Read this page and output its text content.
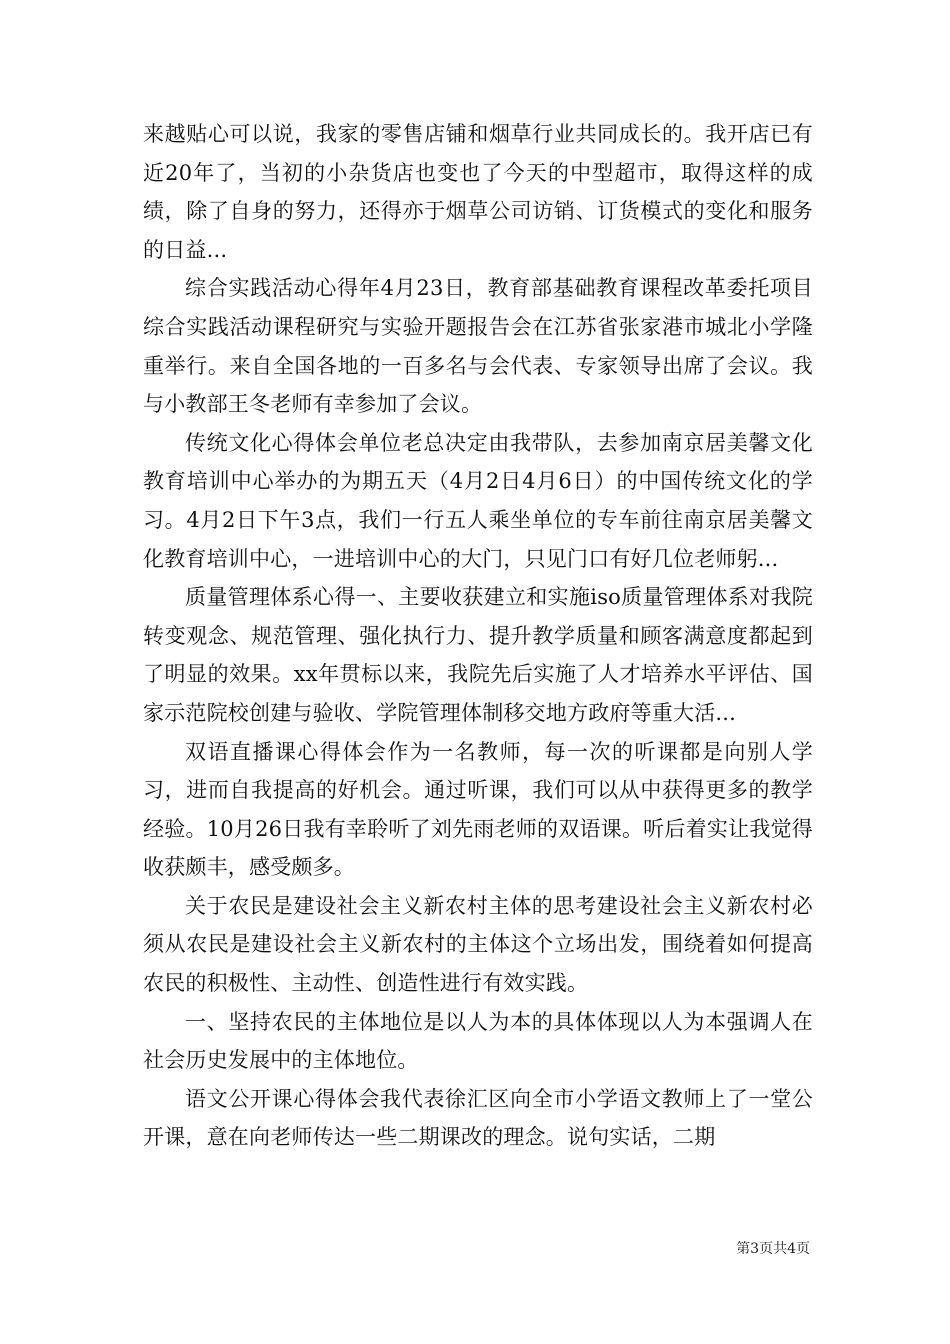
来越贴心可以说，我家的零售店铺和烟草行业共同成长的。我开店已有近20年了，当初的小杂货店也变也了今天的中型超市，取得这样的成绩，除了自身的努力，还得亦于烟草公司访销、订货模式的变化和服务的日益...

综合实践活动心得年4月23日，教育部基础教育课程改革委托项目综合实践活动课程研究与实验开题报告会在江苏省张家港市城北小学隆重举行。来自全国各地的一百多名与会代表、专家领导出席了会议。我与小教部王冬老师有幸参加了会议。

传统文化心得体会单位老总决定由我带队，去参加南京居美馨文化教育培训中心举办的为期五天（4月2日4月6日）的中国传统文化的学习。4月2日下午3点，我们一行五人乘坐单位的专车前往南京居美馨文化教育培训中心，一进培训中心的大门，只见门口有好几位老师躬...

质量管理体系心得一、主要收获建立和实施iso质量管理体系对我院转变观念、规范管理、强化执行力、提升教学质量和顾客满意度都起到了明显的效果。xx年贯标以来，我院先后实施了人才培养水平评估、国家示范院校创建与验收、学院管理体制移交地方政府等重大活...

双语直播课心得体会作为一名教师，每一次的听课都是向别人学习，进而自我提高的好机会。通过听课，我们可以从中获得更多的教学经验。10月26日我有幸聆听了刘先雨老师的双语课。听后着实让我觉得收获颇丰，感受颇多。

关于农民是建设社会主义新农村主体的思考建设社会主义新农村必须从农民是建设社会主义新农村的主体这个立场出发，围绕着如何提高农民的积极性、主动性、创造性进行有效实践。

一、坚持农民的主体地位是以人为本的具体体现以人为本强调人在社会历史发展中的主体地位。

语文公开课心得体会我代表徐汇区向全市小学语文教师上了一堂公开课，意在向老师传达一些二期课改的理念。说句实话，二期

第3页共4页
